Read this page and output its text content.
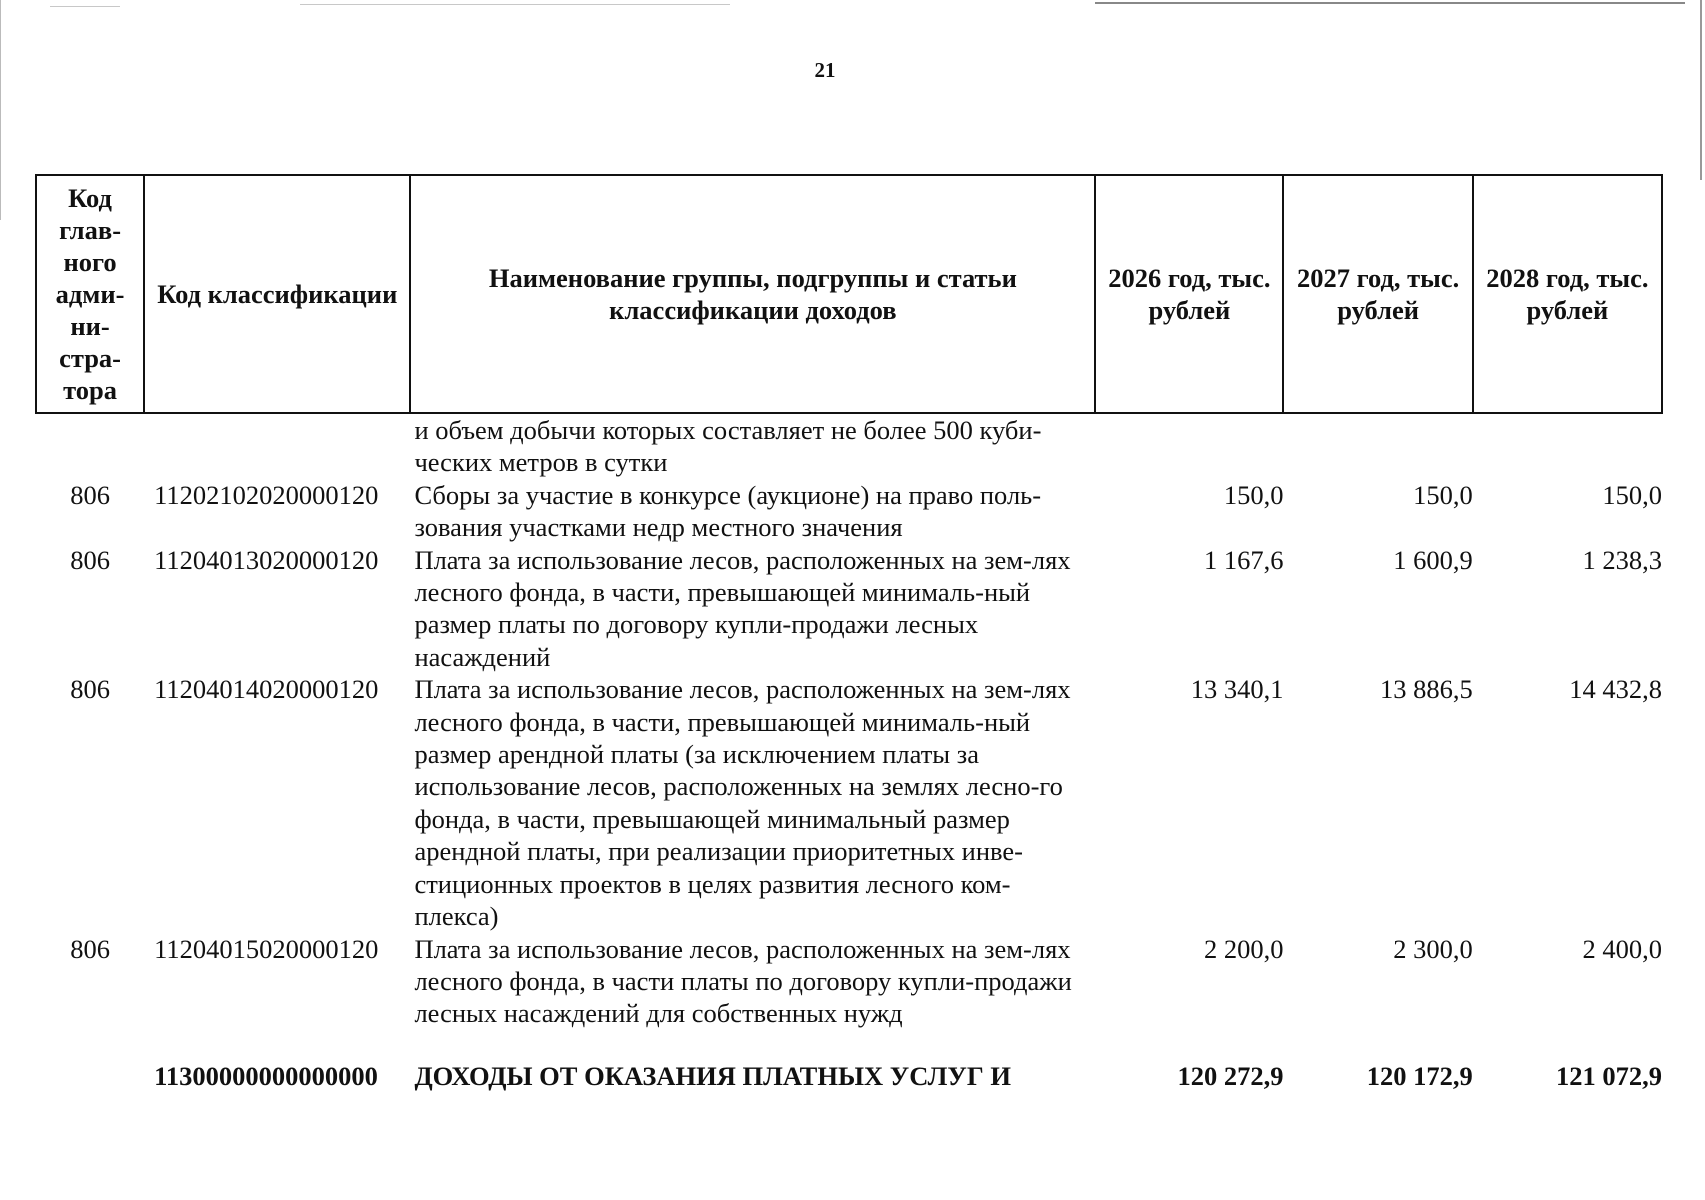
21
Код глав-ного адми-ни-стра-тора	Код классификации	Наименование группы, подгруппы и статьи классификации доходов	2026 год, тыс. рублей	2027 год, тыс. рублей	2028 год, тыс. рублей
		и объем добычи которых составляет не более 500 куби-ческих метров в сутки			
806	11202102020000120	Сборы за участие в конкурсе (аукционе) на право поль-зования участками недр местного значения	150,0	150,0	150,0
806	11204013020000120	Плата за использование лесов, расположенных на зем-лях лесного фонда, в части, превышающей минималь-ный размер платы по договору купли-продажи лесных насаждений	1 167,6	1 600,9	1 238,3
806	11204014020000120	Плата за использование лесов, расположенных на зем-лях лесного фонда, в части, превышающей минималь-ный размер арендной платы (за исключением платы за использование лесов, расположенных на землях лесно-го фонда, в части, превышающей минимальный размер арендной платы, при реализации приоритетных инве-стиционных проектов в целях развития лесного ком-плекса)	13 340,1	13 886,5	14 432,8
806	11204015020000120	Плата за использование лесов, расположенных на зем-лях лесного фонда, в части платы по договору купли-продажи лесных насаждений для собственных нужд	2 200,0	2 300,0	2 400,0
	11300000000000000	ДОХОДЫ ОТ ОКАЗАНИЯ ПЛАТНЫХ УСЛУГ И	120 272,9	120 172,9	121 072,9
